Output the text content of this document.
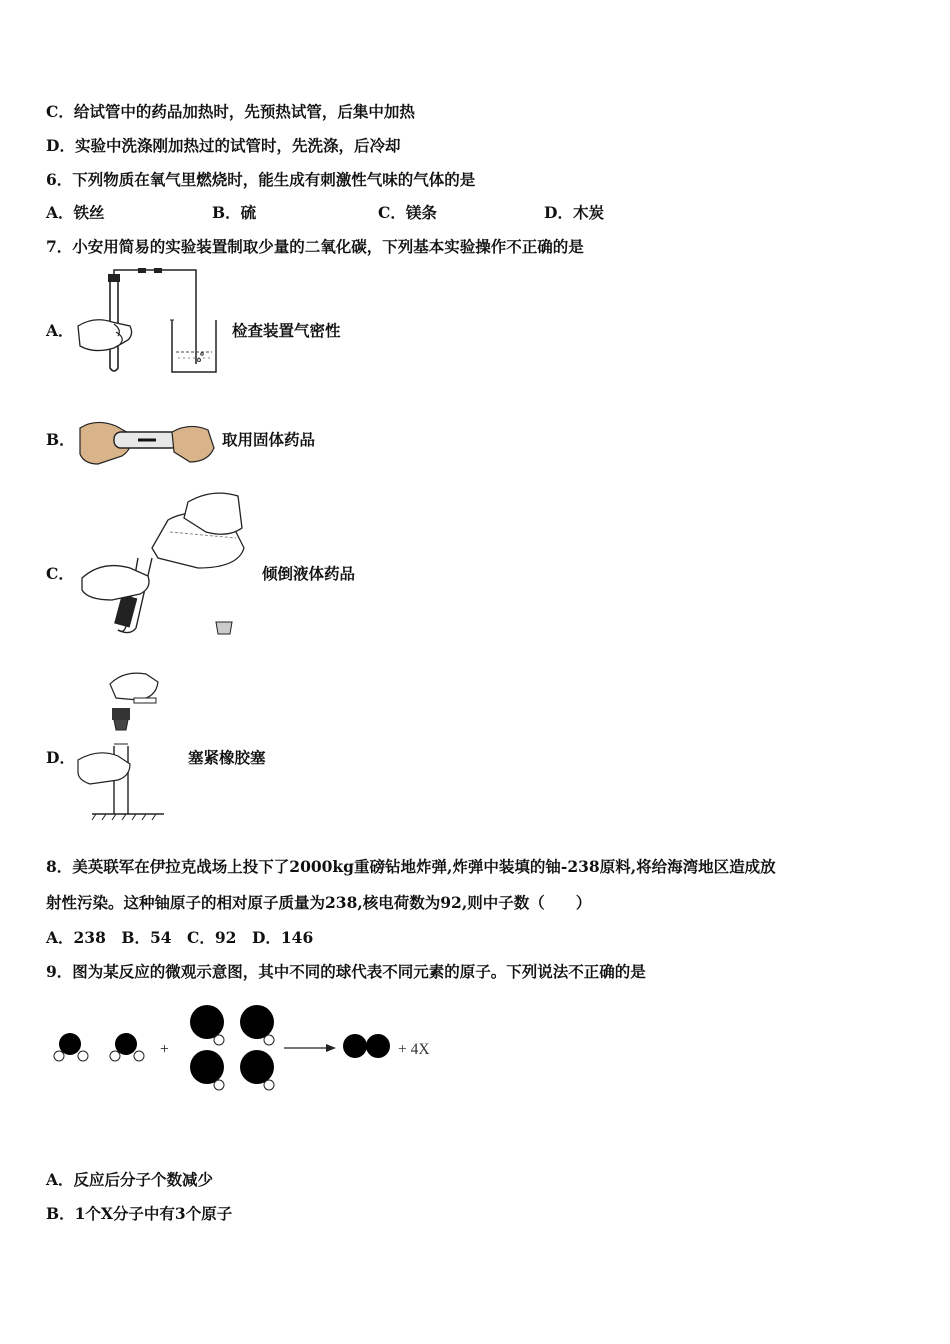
C．给试管中的药品加热时，先预热试管，后集中加热
D．实验中洗涤刚加热过的试管时，先洗涤，后冷却
6．下列物质在氧气里燃烧时，能生成有刺激性气味的气体的是
A．铁丝	B．硫	C．镁条	D．木炭
7．小安用简易的实验装置制取少量的二氧化碳，下列基本实验操作不正确的是
A．	检查装置气密性
B．	取用固体药品
C．	倾倒液体药品
D．	塞紧橡胶塞
8．美英联军在伊拉克战场上投下了2000kg重磅钻地炸弹,炸弹中装填的铀-238原料,将给海湾地区造成放
射性污染。这种铀原子的相对原子质量为238,核电荷数为92,则中子数（　　）
A．238　B．54　C．92　D．146
9．图为某反应的微观示意图，其中不同的球代表不同元素的原子。下列说法不正确的是
+	+ 4X
A．反应后分子个数减少
B．1个X分子中有3个原子
